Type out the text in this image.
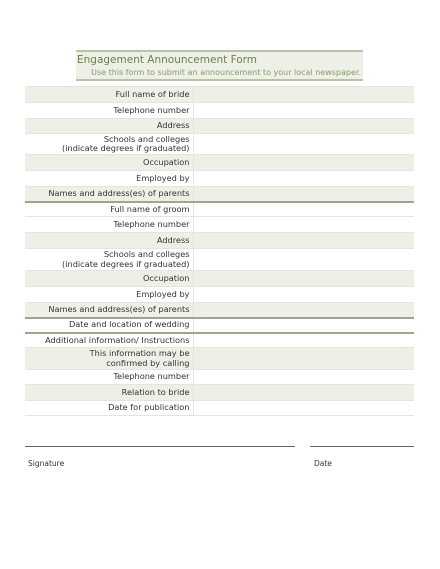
Engagement Announcement Form
Use this form to submit an announcement to your local newspaper.
Full name of bride	
Telephone number	
Address	
Schools and colleges
(indicate degrees if graduated)	
Occupation	
Employed by	
Names and address(es) of parents	
Full name of groom	
Telephone number	
Address	
Schools and colleges
(indicate degrees if graduated)	
Occupation	
Employed by	
Names and address(es) of parents	
Date and location of wedding	
Additional information/ Instructions	
This information may be
confirmed by calling	
Telephone number	
Relation to bride	
Date for publication	
Signature	Date
